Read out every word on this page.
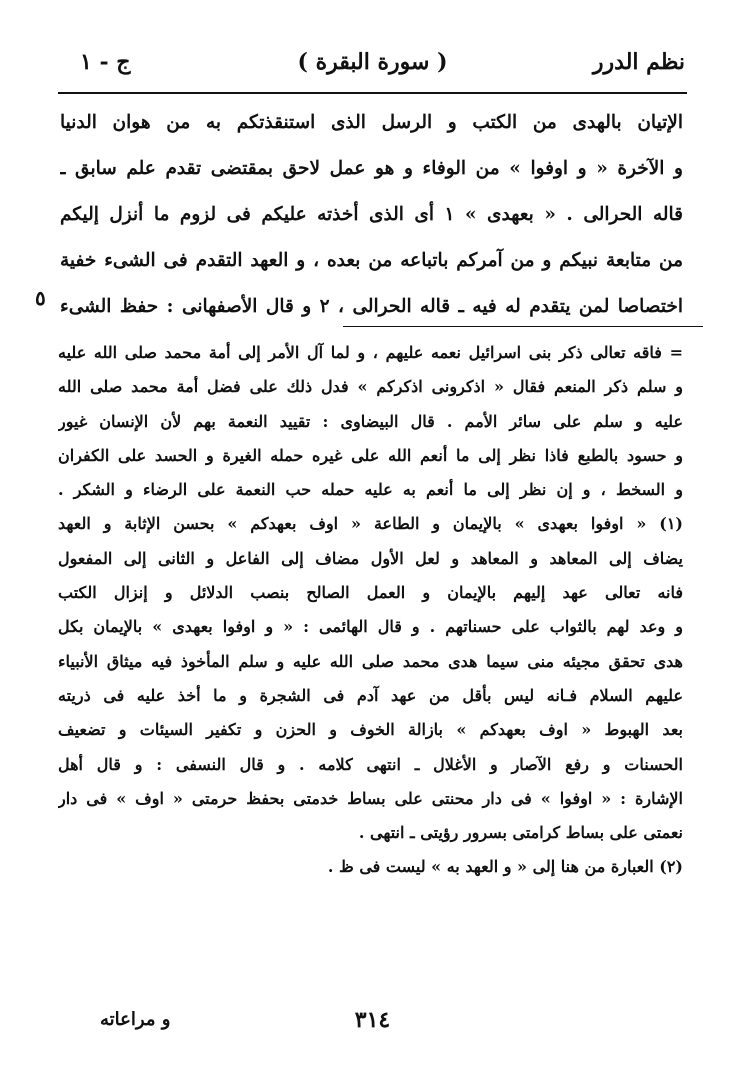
نظم الدرر
( سورة البقرة )
ج - ١
الإتيان بالهدى من الكتب و الرسل الذى استنقذتكم به من هوان الدنيا
و الآخرة « و اوفوا » من الوفاء و هو عمل لاحق بمقتضى تقدم علم سابق ـ
قاله الحرالى . « بعهدى » ١ أى الذى أخذته عليكم فى لزوم ما أنزل إليكم
من متابعة نبيكم و من آمركم باتباعه من بعده ، و العهد التقدم فى الشىء خفية
اختصاصا لمن يتقدم له فيه ـ قاله الحرالى ، ٢ و قال الأصفهانى : حفظ الشىء
٥
= فاقه تعالى ذكر بنى اسرائيل نعمه عليهم ، و لما آل الأمر إلى أمة محمد صلى الله عليه
و سلم ذكر المنعم فقال « اذكرونى اذكركم » فدل ذلك على فضل أمة محمد صلى الله
عليه و سلم على سائر الأمم . قال البيضاوى : تقييد النعمة بهم لأن الإنسان غيور
و حسود بالطبع فاذا نظر إلى ما أنعم الله على غيره حمله الغيرة و الحسد على الكفران
و السخط ، و إن نظر إلى ما أنعم به عليه حمله حب النعمة على الرضاء و الشكر .
(١) « اوفوا بعهدى » بالإيمان و الطاعة « اوف بعهدكم » بحسن الإثابة و العهد
يضاف إلى المعاهد و المعاهد و لعل الأول مضاف إلى الفاعل و الثانى إلى المفعول
فانه تعالى عهد إليهم بالإيمان و العمل الصالح بنصب الدلائل و إنزال الكتب
و وعد لهم بالثواب على حسناتهم . و قال الهائمى : « و اوفوا بعهدى » بالإيمان بكل
هدى تحقق مجيئه منى سيما هدى محمد صلى الله عليه و سلم المأخوذ فيه ميثاق الأنبياء
عليهم السلام فـانه ليس بأقل من عهد آدم فى الشجرة و ما أخذ عليه فى ذريته
بعد الهبوط « اوف بعهدكم » بازالة الخوف و الحزن و تكفير السيئات و تضعيف
الحسنات و رفع الآصار و الأغلال ـ انتهى كلامه . و قال النسفى : و قال أهل
الإشارة : « اوفوا » فى دار محنتى على بساط خدمتى بحفظ حرمتى « اوف » فى دار
نعمتى على بساط كرامتى بسرور رؤيتى ـ انتهى .
(٢) العبارة من هنا إلى « و العهد به » ليست فى ظ .
٣١٤
و مراعاته
